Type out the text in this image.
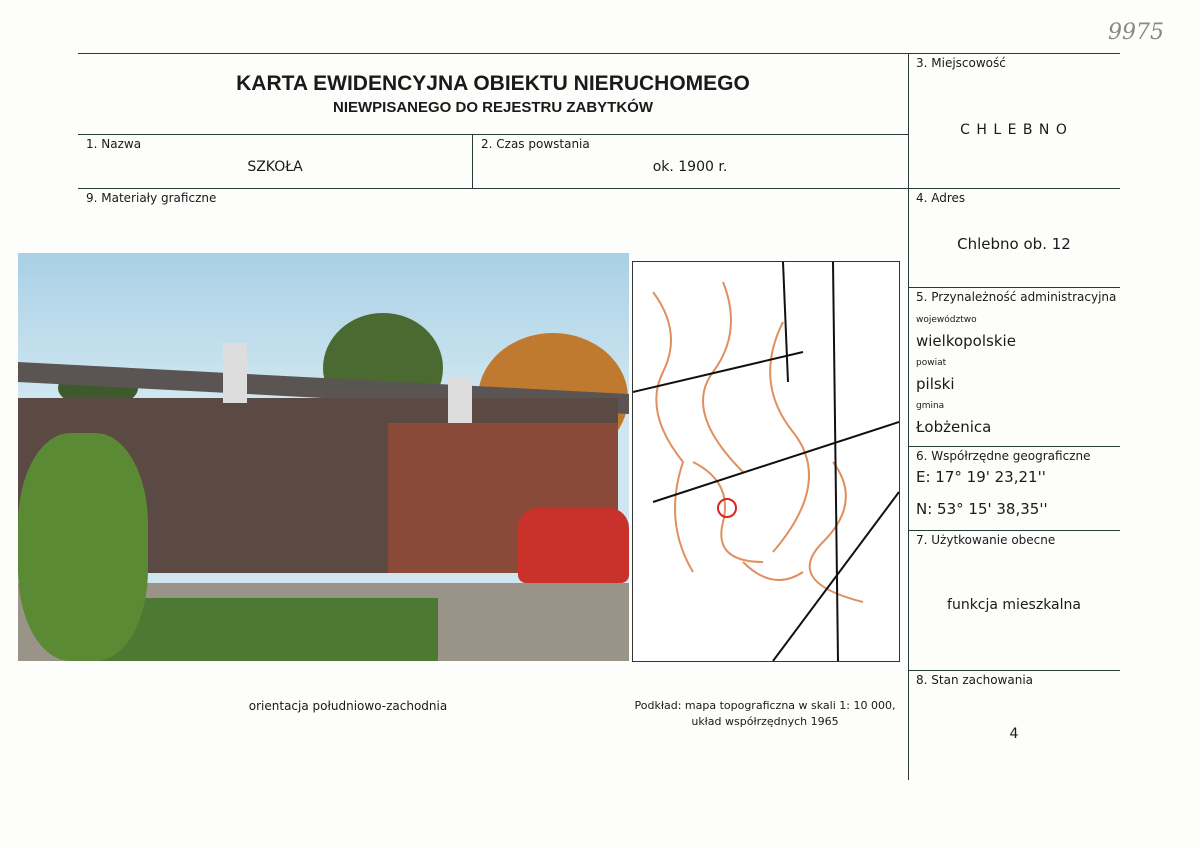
9975
KARTA EWIDENCYJNA OBIEKTU NIERUCHOMEGO
NIEWPISANEGO DO REJESTRU ZABYTKÓW
1. Nazwa
SZKOŁA
2. Czas powstania
ok. 1900 r.
3. Miejscowość
C H L E B N O
4. Adres
Chlebno ob. 12
5. Przynależność administracyjna
województwo
wielkopolskie
powiat
pilski
gmina
Łobżenica
6. Współrzędne geograficzne
E: 17° 19' 23,21''
N: 53° 15' 38,35''
7. Użytkowanie obecne
funkcja mieszkalna
8. Stan zachowania
4
9. Materiały graficzne
orientacja południowo-zachodnia	Podkład: mapa topograficzna w skali 1: 10 000,
układ współrzędnych 1965
